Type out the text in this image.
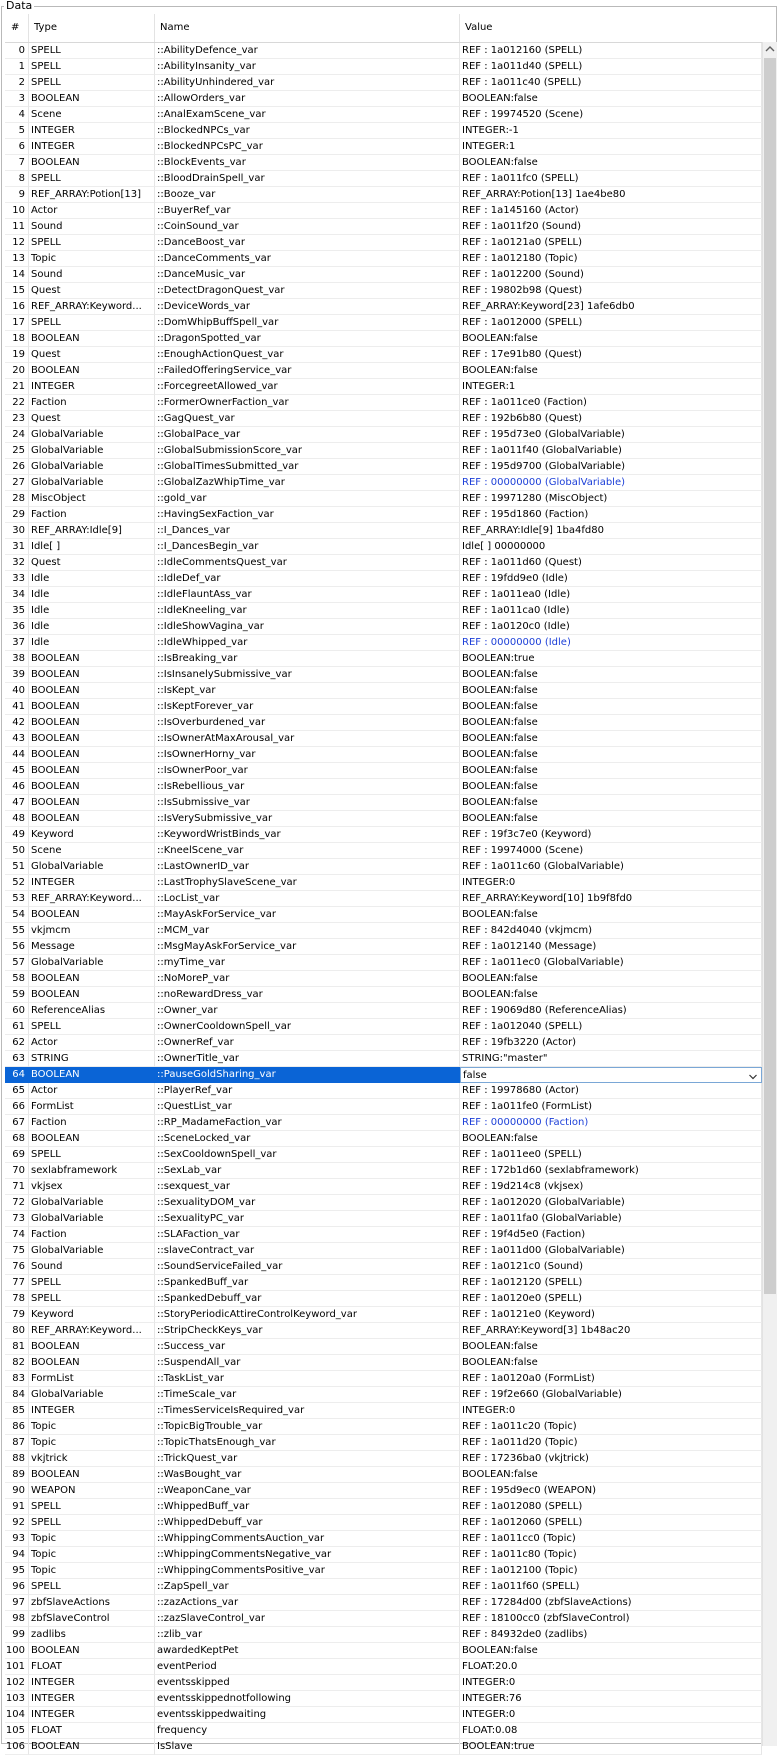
Data
#	Type	Name	Value
0 SPELL	::AbilityDefence_var	REF : 1a012160 (SPELL)
1 SPELL	::AbilityInsanity_var	REF : 1a011d40 (SPELL)
2 SPELL	::AbilityUnhindered_var	REF : 1a011c40 (SPELL)
3 BOOLEAN	::AllowOrders_var	BOOLEAN:false
4 Scene	::AnalExamScene_var	REF : 19974520 (Scene)
5 INTEGER	::BlockedNPCs_var	INTEGER:-1
6 INTEGER	::BlockedNPCsPC_var	INTEGER:1
7 BOOLEAN	::BlockEvents_var	BOOLEAN:false
8 SPELL	::BloodDrainSpell_var	REF : 1a011fc0 (SPELL)
9 REF_ARRAY:Potion[13]	::Booze_var	REF_ARRAY:Potion[13] 1ae4be80
10 Actor	::BuyerRef_var	REF : 1a145160 (Actor)
11 Sound	::CoinSound_var	REF : 1a011f20 (Sound)
12 SPELL	::DanceBoost_var	REF : 1a0121a0 (SPELL)
13 Topic	::DanceComments_var	REF : 1a012180 (Topic)
14 Sound	::DanceMusic_var	REF : 1a012200 (Sound)
15 Quest	::DetectDragonQuest_var	REF : 19802b98 (Quest)
16 REF_ARRAY:Keyword...	::DeviceWords_var	REF_ARRAY:Keyword[23] 1afe6db0
17 SPELL	::DomWhipBuffSpell_var	REF : 1a012000 (SPELL)
18 BOOLEAN	::DragonSpotted_var	BOOLEAN:false
19 Quest	::EnoughActionQuest_var	REF : 17e91b80 (Quest)
20 BOOLEAN	::FailedOfferingService_var	BOOLEAN:false
21 INTEGER	::ForcegreetAllowed_var	INTEGER:1
22 Faction	::FormerOwnerFaction_var	REF : 1a011ce0 (Faction)
23 Quest	::GagQuest_var	REF : 192b6b80 (Quest)
24 GlobalVariable	::GlobalPace_var	REF : 195d73e0 (GlobalVariable)
25 GlobalVariable	::GlobalSubmissionScore_var	REF : 1a011f40 (GlobalVariable)
26 GlobalVariable	::GlobalTimesSubmitted_var	REF : 195d9700 (GlobalVariable)
27 GlobalVariable	::GlobalZazWhipTime_var	REF : 00000000 (GlobalVariable)
28 MiscObject	::gold_var	REF : 19971280 (MiscObject)
29 Faction	::HavingSexFaction_var	REF : 195d1860 (Faction)
30 REF_ARRAY:Idle[9]	::I_Dances_var	REF_ARRAY:Idle[9] 1ba4fd80
31 Idle[ ]	::I_DancesBegin_var	Idle[ ] 00000000
32 Quest	::IdleCommentsQuest_var	REF : 1a011d60 (Quest)
33 Idle	::IdleDef_var	REF : 19fdd9e0 (Idle)
34 Idle	::IdleFlauntAss_var	REF : 1a011ea0 (Idle)
35 Idle	::IdleKneeling_var	REF : 1a011ca0 (Idle)
36 Idle	::IdleShowVagina_var	REF : 1a0120c0 (Idle)
37 Idle	::IdleWhipped_var	REF : 00000000 (Idle)
38 BOOLEAN	::IsBreaking_var	BOOLEAN:true
39 BOOLEAN	::IsInsanelySubmissive_var	BOOLEAN:false
40 BOOLEAN	::IsKept_var	BOOLEAN:false
41 BOOLEAN	::IsKeptForever_var	BOOLEAN:false
42 BOOLEAN	::IsOverburdened_var	BOOLEAN:false
43 BOOLEAN	::IsOwnerAtMaxArousal_var	BOOLEAN:false
44 BOOLEAN	::IsOwnerHorny_var	BOOLEAN:false
45 BOOLEAN	::IsOwnerPoor_var	BOOLEAN:false
46 BOOLEAN	::IsRebellious_var	BOOLEAN:false
47 BOOLEAN	::IsSubmissive_var	BOOLEAN:false
48 BOOLEAN	::IsVerySubmissive_var	BOOLEAN:false
49 Keyword	::KeywordWristBinds_var	REF : 19f3c7e0 (Keyword)
50 Scene	::KneelScene_var	REF : 19974000 (Scene)
51 GlobalVariable	::LastOwnerID_var	REF : 1a011c60 (GlobalVariable)
52 INTEGER	::LastTrophySlaveScene_var	INTEGER:0
53 REF_ARRAY:Keyword...	::LocList_var	REF_ARRAY:Keyword[10] 1b9f8fd0
54 BOOLEAN	::MayAskForService_var	BOOLEAN:false
55 vkjmcm	::MCM_var	REF : 842d4040 (vkjmcm)
56 Message	::MsgMayAskForService_var	REF : 1a012140 (Message)
57 GlobalVariable	::myTime_var	REF : 1a011ec0 (GlobalVariable)
58 BOOLEAN	::NoMoreP_var	BOOLEAN:false
59 BOOLEAN	::noRewardDress_var	BOOLEAN:false
60 ReferenceAlias	::Owner_var	REF : 19069d80 (ReferenceAlias)
61 SPELL	::OwnerCooldownSpell_var	REF : 1a012040 (SPELL)
62 Actor	::OwnerRef_var	REF : 19fb3220 (Actor)
63 STRING	::OwnerTitle_var	STRING:"master"
64 BOOLEAN	::PauseGoldSharing_var	false
65 Actor	::PlayerRef_var	REF : 19978680 (Actor)
66 FormList	::QuestList_var	REF : 1a011fe0 (FormList)
67 Faction	::RP_MadameFaction_var	REF : 00000000 (Faction)
68 BOOLEAN	::SceneLocked_var	BOOLEAN:false
69 SPELL	::SexCooldownSpell_var	REF : 1a011ee0 (SPELL)
70 sexlabframework	::SexLab_var	REF : 172b1d60 (sexlabframework)
71 vkjsex	::sexquest_var	REF : 19d214c8 (vkjsex)
72 GlobalVariable	::SexualityDOM_var	REF : 1a012020 (GlobalVariable)
73 GlobalVariable	::SexualityPC_var	REF : 1a011fa0 (GlobalVariable)
74 Faction	::SLAFaction_var	REF : 19f4d5e0 (Faction)
75 GlobalVariable	::slaveContract_var	REF : 1a011d00 (GlobalVariable)
76 Sound	::SoundServiceFailed_var	REF : 1a0121c0 (Sound)
77 SPELL	::SpankedBuff_var	REF : 1a012120 (SPELL)
78 SPELL	::SpankedDebuff_var	REF : 1a0120e0 (SPELL)
79 Keyword	::StoryPeriodicAttireControlKeyword_var	REF : 1a0121e0 (Keyword)
80 REF_ARRAY:Keyword...	::StripCheckKeys_var	REF_ARRAY:Keyword[3] 1b48ac20
81 BOOLEAN	::Success_var	BOOLEAN:false
82 BOOLEAN	::SuspendAll_var	BOOLEAN:false
83 FormList	::TaskList_var	REF : 1a0120a0 (FormList)
84 GlobalVariable	::TimeScale_var	REF : 19f2e660 (GlobalVariable)
85 INTEGER	::TimesServiceIsRequired_var	INTEGER:0
86 Topic	::TopicBigTrouble_var	REF : 1a011c20 (Topic)
87 Topic	::TopicThatsEnough_var	REF : 1a011d20 (Topic)
88 vkjtrick	::TrickQuest_var	REF : 17236ba0 (vkjtrick)
89 BOOLEAN	::WasBought_var	BOOLEAN:false
90 WEAPON	::WeaponCane_var	REF : 195d9ec0 (WEAPON)
91 SPELL	::WhippedBuff_var	REF : 1a012080 (SPELL)
92 SPELL	::WhippedDebuff_var	REF : 1a012060 (SPELL)
93 Topic	::WhippingCommentsAuction_var	REF : 1a011cc0 (Topic)
94 Topic	::WhippingCommentsNegative_var	REF : 1a011c80 (Topic)
95 Topic	::WhippingCommentsPositive_var	REF : 1a012100 (Topic)
96 SPELL	::ZapSpell_var	REF : 1a011f60 (SPELL)
97 zbfSlaveActions	::zazActions_var	REF : 17284d00 (zbfSlaveActions)
98 zbfSlaveControl	::zazSlaveControl_var	REF : 18100cc0 (zbfSlaveControl)
99 zadlibs	::zlib_var	REF : 84932de0 (zadlibs)
100 BOOLEAN	awardedKeptPet	BOOLEAN:false
101 FLOAT	eventPeriod	FLOAT:20.0
102 INTEGER	eventsskipped	INTEGER:0
103 INTEGER	eventsskippednotfollowing	INTEGER:76
104 INTEGER	eventsskippedwaiting	INTEGER:0
105 FLOAT	frequency	FLOAT:0.08
106 BOOLEAN	IsSlave	BOOLEAN:true
